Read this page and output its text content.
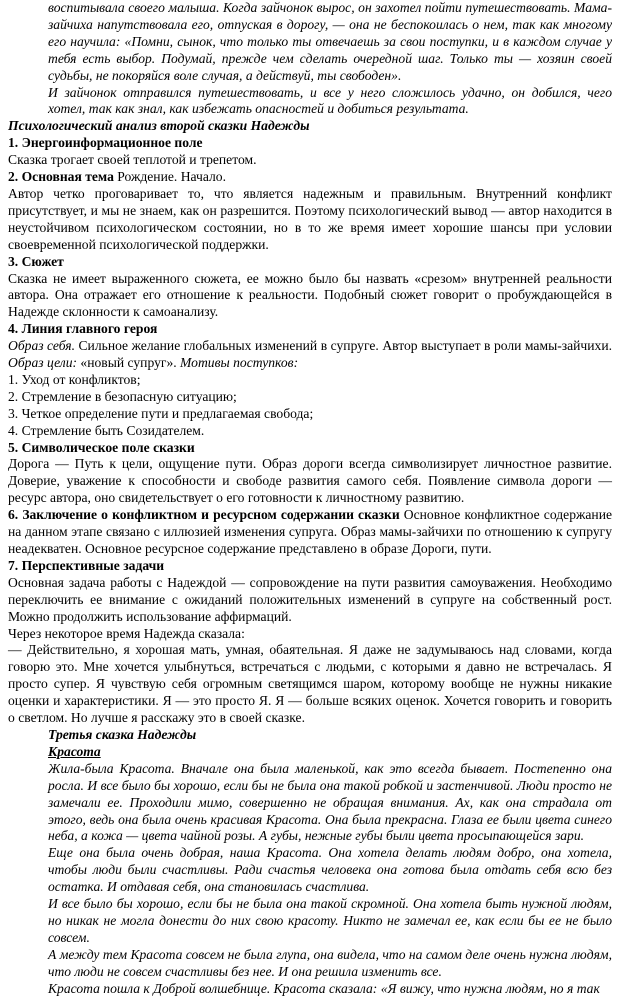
воспитывала своего малыша. Когда зайчонок вырос, он захотел пойти путешествовать. Мама-зайчиха напутствовала его, отпуская в дорогу, — она не беспокоилась о нем, так как многому его научила: «Помни, сынок, что только ты отвечаешь за свои поступки, и в каждом случае у тебя есть выбор. Подумай, прежде чем сделать очередной шаг. Только ты — хозяин своей судьбы, не покоряйся воле случая, а действуй, ты свободен».

И зайчонок отправился путешествовать, и все у него сложилось удачно, он добился, чего хотел, так как знал, как избежать опасностей и добиться результата.

Психологический анализ второй сказки Надежды

1. Энергоинформационное поле

Сказка трогает своей теплотой и трепетом.

2. Основная тема Рождение. Начало.

Автор четко проговаривает то, что является надежным и правильным. Внутренний конфликт присутствует, и мы не знаем, как он разрешится. Поэтому психологический вывод — автор находится в неустойчивом психологическом состоянии, но в то же время имеет хорошие шансы при условии своевременной психологической поддержки.

3. Сюжет

Сказка не имеет выраженного сюжета, ее можно было бы назвать «срезом» внутренней реальности автора. Она отражает его отношение к реальности. Подобный сюжет говорит о пробуждающейся в Надежде склонности к самоанализу.

4. Линия главного героя

Образ себя. Сильное желание глобальных изменений в супруге. Автор выступает в роли мамы-зайчихи. Образ цели: «новый супруг». Мотивы поступков:

1. Уход от конфликтов;

2. Стремление в безопасную ситуацию;

3. Четкое определение пути и предлагаемая свобода;

4. Стремление быть Созидателем.

5. Символическое поле сказки

Дорога — Путь к цели, ощущение пути. Образ дороги всегда символизирует личностное развитие. Доверие, уважение к способности и свободе развития самого себя. Появление символа дороги — ресурс автора, оно свидетельствует о его готовности к личностному развитию.

6. Заключение о конфликтном и ресурсном содержании сказки Основное конфликтное содержание на данном этапе связано с иллюзией изменения супруга. Образ мамы-зайчихи по отношению к супругу неадекватен. Основное ресурсное содержание представлено в образе Дороги, пути.

7. Перспективные задачи

Основная задача работы с Надеждой — сопровождение на пути развития самоуважения. Необходимо переключить ее внимание с ожиданий положительных изменений в супруге на собственный рост. Можно продолжить использование аффирмаций.

Через некоторое время Надежда сказала:

— Действительно, я хорошая мать, умная, обаятельная. Я даже не задумываюсь над словами, когда говорю это. Мне хочется улыбнуться, встречаться с людьми, с которыми я давно не встречалась. Я просто супер. Я чувствую себя огромным светящимся шаром, которому вообще не нужны никакие оценки и характеристики. Я — это просто Я. Я — больше всяких оценок. Хочется говорить и говорить о светлом. Но лучше я расскажу это в своей сказке.

Третья сказка Надежды

Красота

Жила-была Красота. Вначале она была маленькой, как это всегда бывает. Постепенно она росла. И все было бы хорошо, если бы не была она такой робкой и застенчивой. Люди просто не замечали ее. Проходили мимо, совершенно не обращая внимания. Ах, как она страдала от этого, ведь она была очень красивая Красота. Она была прекрасна. Глаза ее были цвета синего неба, а кожа — цвета чайной розы. А губы, нежные губы были цвета просыпающейся зари.

Еще она была очень добрая, наша Красота. Она хотела делать людям добро, она хотела, чтобы люди были счастливы. Ради счастья человека она готова была отдать себя всю без остатка. И отдавая себя, она становилась счастлива.

И все было бы хорошо, если бы не была она такой скромной. Она хотела быть нужной людям, но никак не могла донести до них свою красоту. Никто не замечал ее, как если бы ее не было совсем.

А между тем Красота совсем не была глупа, она видела, что на самом деле очень нужна людям, что люди не совсем счастливы без нее. И она решила изменить все.

Красота пошла к Доброй волшебнице. Красота сказала: «Я вижу, что нужна людям, но я так
